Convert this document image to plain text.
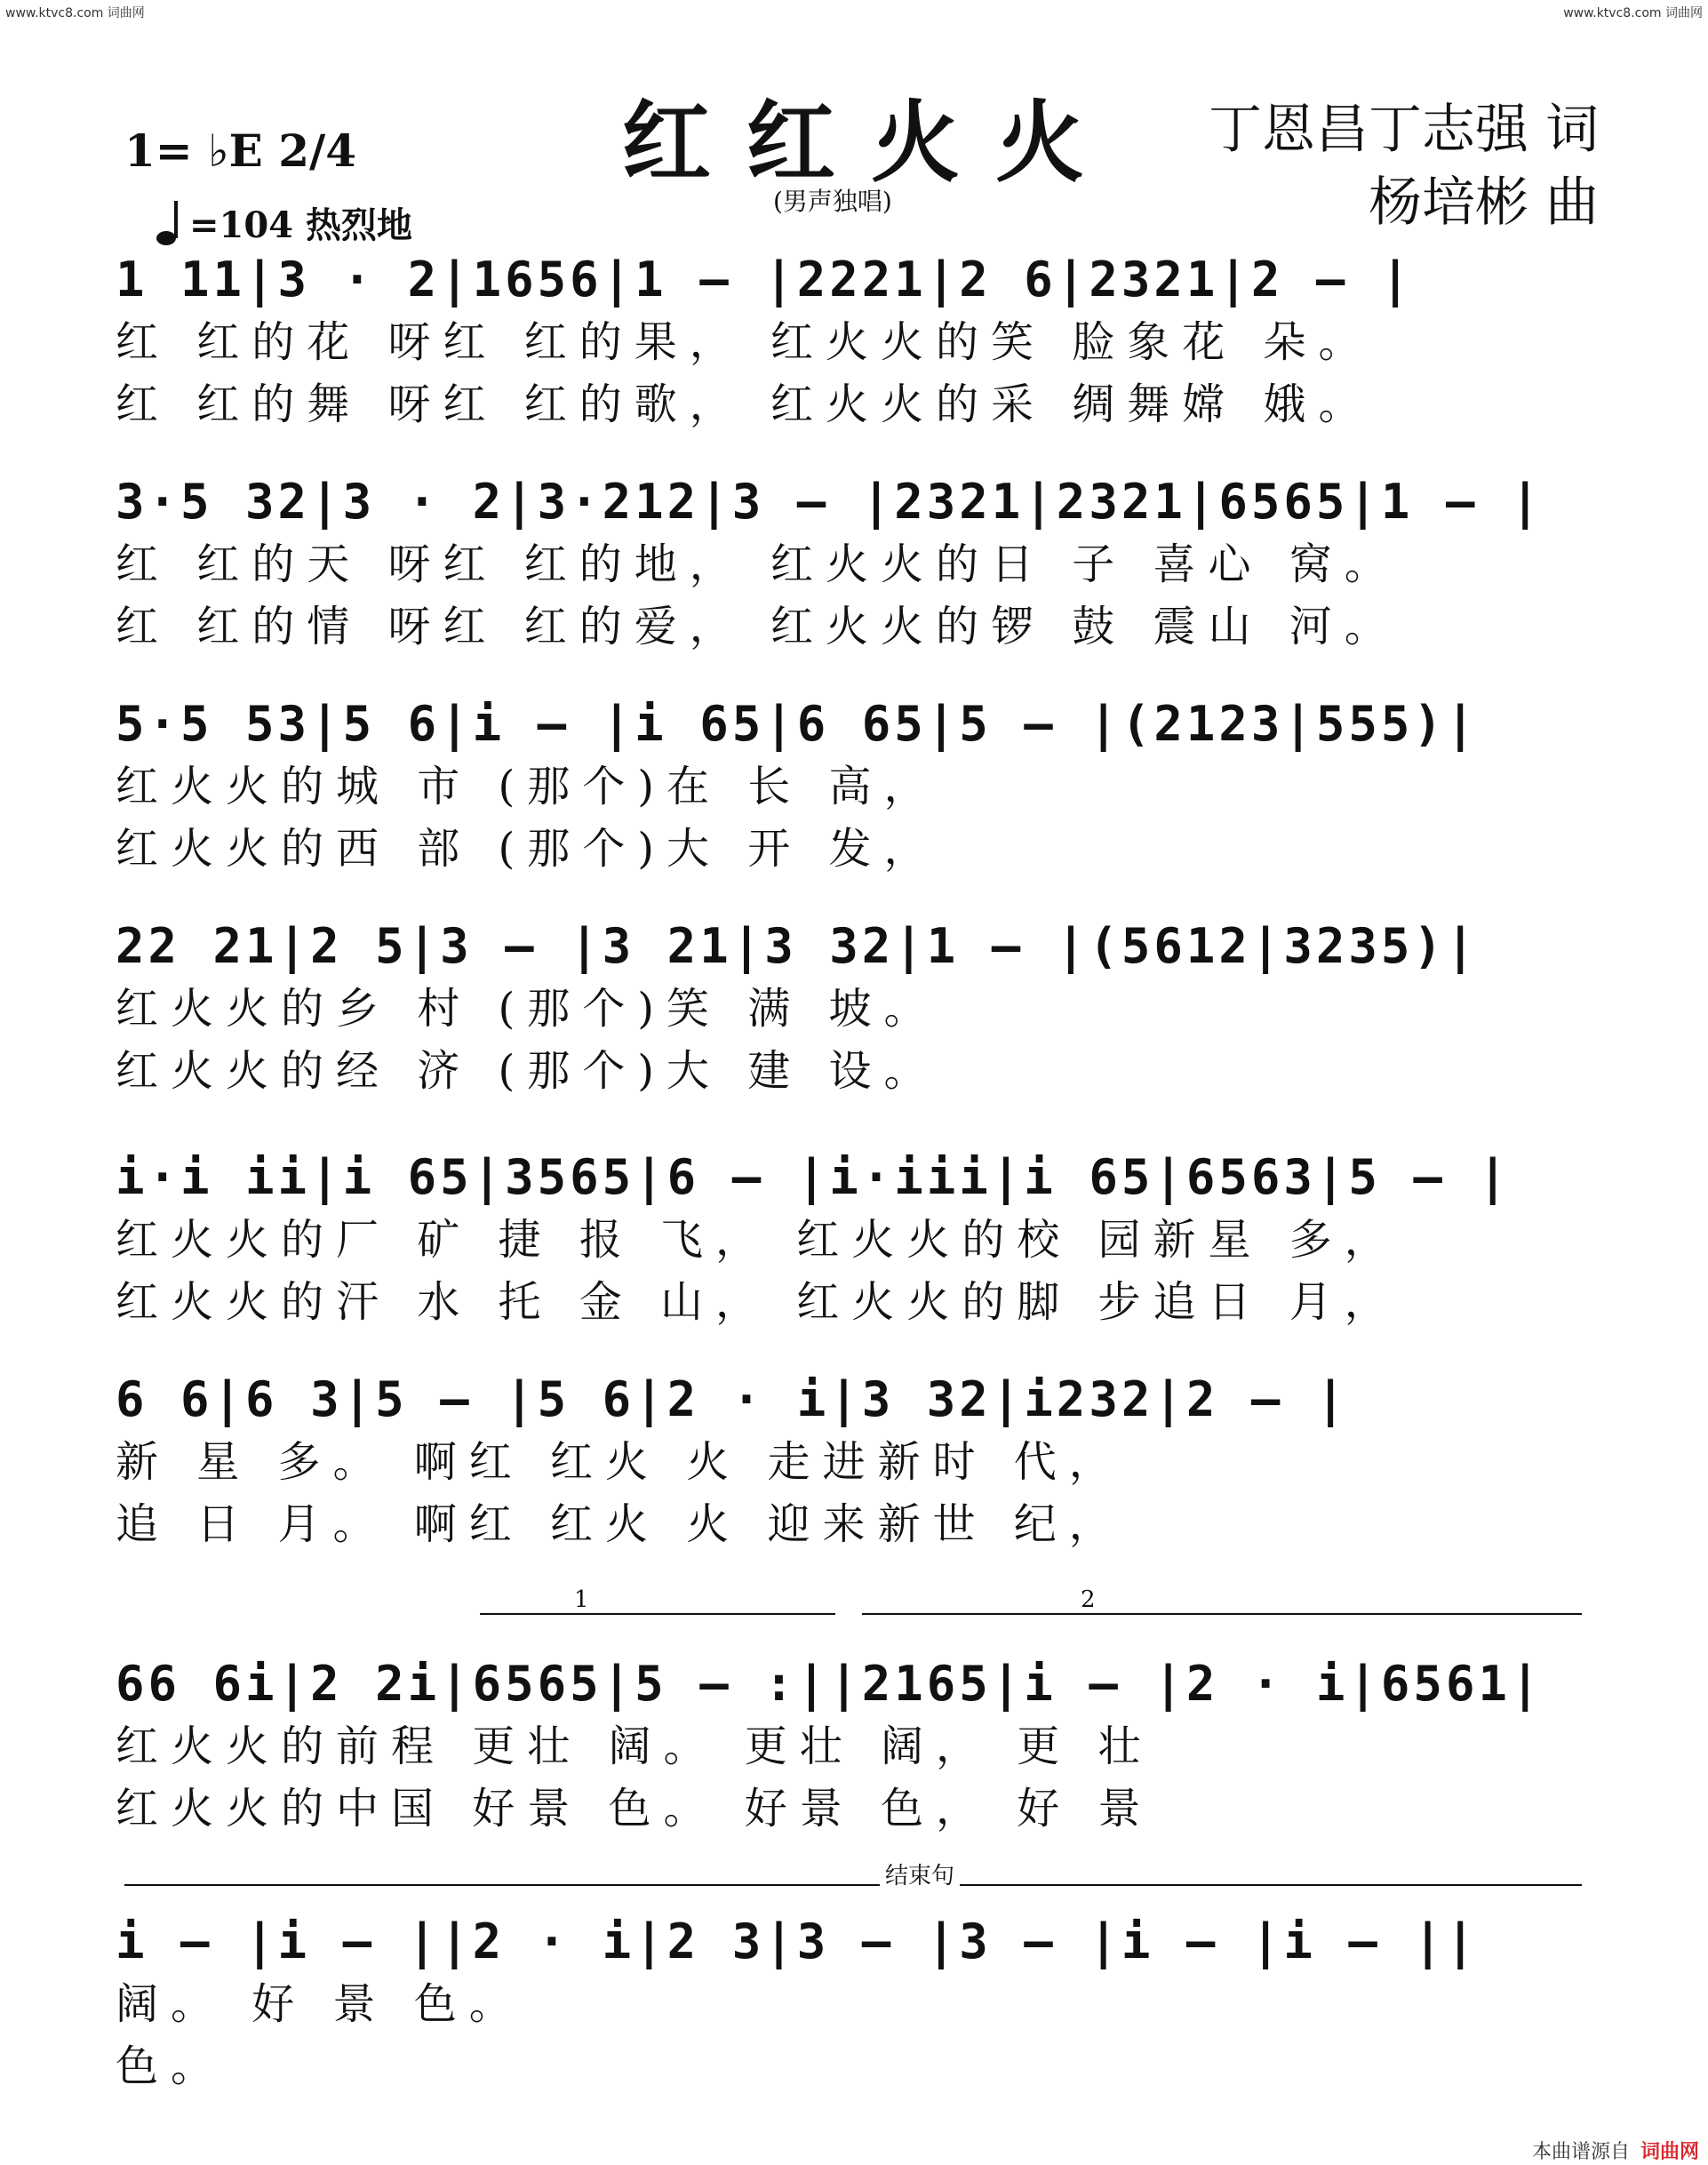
www.ktvc8.com 词曲网	www.ktvc8.com 词曲网
红红火火
(男声独唱)
1= ♭E 2/4
=104 热烈地
丁恩昌丁志强 词
杨培彬 曲
1 11|3 · 2|1656|1 — |2221|2 6|2321|2 — |
红 红的花 呀红 红的果， 红火火的笑 脸象花 朵。
红 红的舞 呀红 红的歌， 红火火的采 绸舞嫦 娥。
3·5 32|3 · 2|3·212|3 — |2321|2321|6565|1 — |
红 红的天 呀红 红的地， 红火火的日 子 喜心 窝。
红 红的情 呀红 红的爱， 红火火的锣 鼓 震山 河。
5·5 53|5 6|i — |i 65|6 65|5 — |(2123|555)|
红火火的城 市 (那个)在 长 高，
红火火的西 部 (那个)大 开 发，
22 21|2 5|3 — |3 21|3 32|1 — |(5612|3235)|
红火火的乡 村 (那个)笑 满 坡。
红火火的经 济 (那个)大 建 设。
i·i ii|i 65|3565|6 — |i·iii|i 65|6563|5 — |
红火火的厂 矿 捷 报 飞， 红火火的校 园新星 多，
红火火的汗 水 托 金 山， 红火火的脚 步追日 月，
6 6|6 3|5 — |5 6|2 · i|3 32|i232|2 — |
新 星 多。 啊红 红火 火 走进新时 代，
追 日 月。 啊红 红火 火 迎来新世 纪，
1	2
66 6i|2 2i|6565|5 — :||2165|i — |2 · i|6561|
红火火的前程 更壮 阔。 更壮 阔， 更 壮
红火火的中国 好景 色。 好景 色， 好 景
结束句
i — |i — ||2 · i|2 3|3 — |3 — |i — |i — ||
阔。 好 景 色。
色。
本曲谱源自 词曲网
